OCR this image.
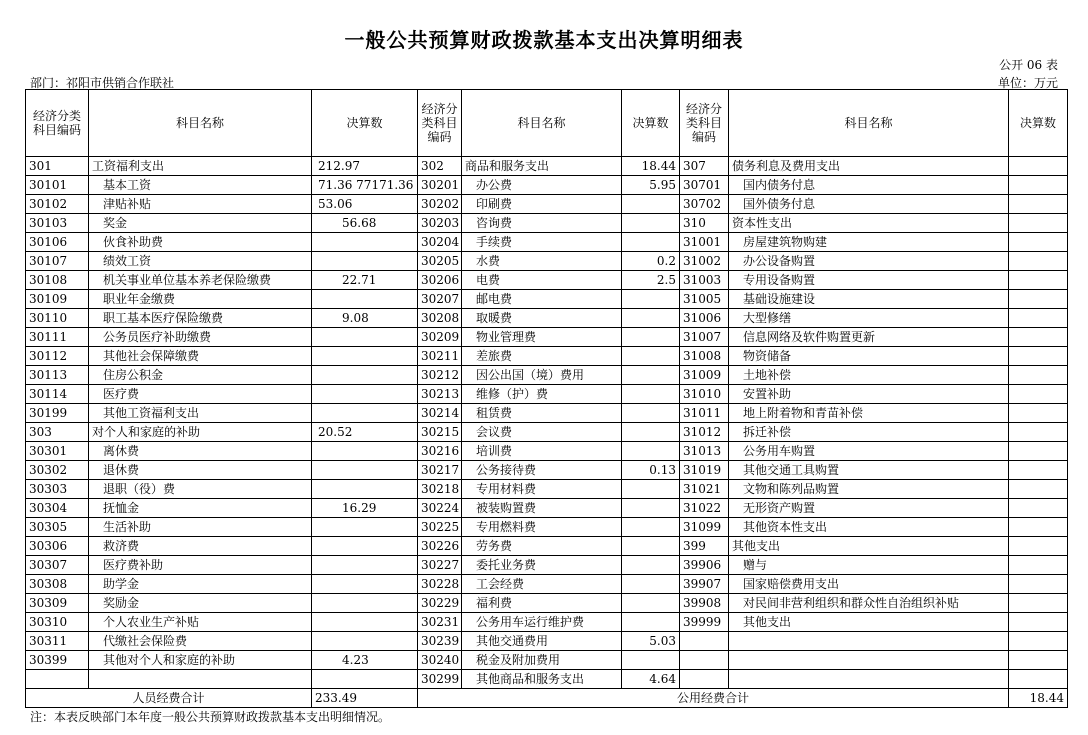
一般公共预算财政拨款基本支出决算明细表
公开 06 表
部门：祁阳市供销合作联社	单位：万元
经济分类科目编码	科目名称	决算数	经济分类科目编码	科目名称	决算数	经济分类科目编码	科目名称	决算数
301	工资福利支出	212.97	302	商品和服务支出	18.44	307	债务利息及费用支出	
30101	基本工资	71.36 77171.36	30201	办公费	5.95	30701	国内债务付息	
30102	津贴补贴	53.06	30202	印刷费		30702	国外债务付息	
30103	奖金	56.68	30203	咨询费		310	资本性支出	
30106	伙食补助费		30204	手续费		31001	房屋建筑物购建	
30107	绩效工资		30205	水费	0.2	31002	办公设备购置	
30108	机关事业单位基本养老保险缴费	22.71	30206	电费	2.5	31003	专用设备购置	
30109	职业年金缴费		30207	邮电费		31005	基础设施建设	
30110	职工基本医疗保险缴费	9.08	30208	取暖费		31006	大型修缮	
30111	公务员医疗补助缴费		30209	物业管理费		31007	信息网络及软件购置更新	
30112	其他社会保障缴费		30211	差旅费		31008	物资储备	
30113	住房公积金		30212	因公出国（境）费用		31009	土地补偿	
30114	医疗费		30213	维修（护）费		31010	安置补助	
30199	其他工资福利支出		30214	租赁费		31011	地上附着物和青苗补偿	
303	对个人和家庭的补助	20.52	30215	会议费		31012	拆迁补偿	
30301	离休费		30216	培训费		31013	公务用车购置	
30302	退休费		30217	公务接待费	0.13	31019	其他交通工具购置	
30303	退职（役）费		30218	专用材料费		31021	文物和陈列品购置	
30304	抚恤金	16.29	30224	被装购置费		31022	无形资产购置	
30305	生活补助		30225	专用燃料费		31099	其他资本性支出	
30306	救济费		30226	劳务费		399	其他支出	
30307	医疗费补助		30227	委托业务费		39906	赠与	
30308	助学金		30228	工会经费		39907	国家赔偿费用支出	
30309	奖励金		30229	福利费		39908	对民间非营利组织和群众性自治组织补贴	
30310	个人农业生产补贴		30231	公务用车运行维护费		39999	其他支出	
30311	代缴社会保险费		30239	其他交通费用	5.03			
30399	其他对个人和家庭的补助	4.23	30240	税金及附加费用				
			30299	其他商品和服务支出	4.64			
人员经费合计		233.49	公用经费合计					18.44
注：本表反映部门本年度一般公共预算财政拨款基本支出明细情况。
